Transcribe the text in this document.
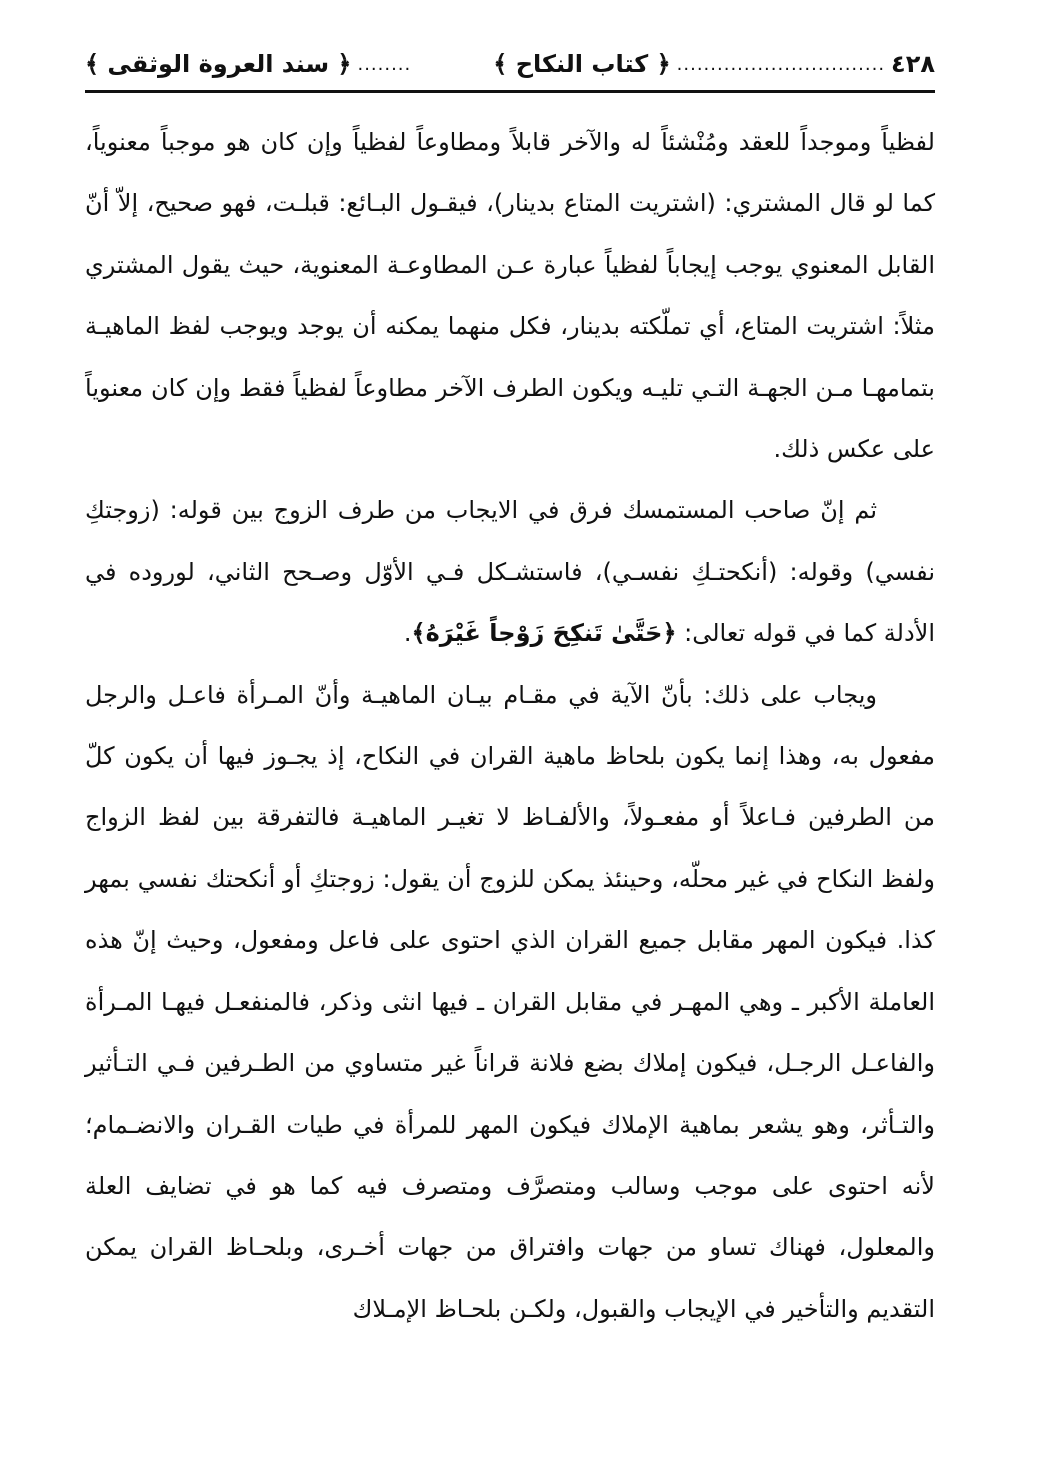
٤٢٨
...............................
﴿ كتاب النكاح ﴾
........
﴿ سند العروة الوثقى ﴾

لفظياً وموجداً للعقد ومُنْشئاً له والآخر قابلاً ومطاوعاً لفظياً وإن كان هو موجباً معنوياً، كما لو قال المشتري: (اشتريت المتاع بدينار)، فيقـول البـائع: قبلـت، فهو صحيح، إلاّ أنّ القابل المعنوي يوجب إيجاباً لفظياً عبارة عـن المطاوعـة المعنوية، حيث يقول المشتري مثلاً: اشتريت المتاع، أي تملّكته بدينار، فكل منهما يمكنه أن يوجد ويوجب لفظ الماهيـة بتمامهـا مـن الجهـة التـي تليـه ويكون الطرف الآخر مطاوعاً لفظياً فقط وإن كان معنوياً على عكس ذلك.

ثم إنّ صاحب المستمسك فرق في الايجاب من طرف الزوج بين قوله: (زوجتكِ نفسي) وقوله: (أنكحتـكِ نفسـي)، فاستشـكل فـي الأوّل وصـحح الثاني، لوروده في الأدلة كما في قوله تعالى: ﴿حَتَّىٰ تَنكِحَ زَوْجاً غَيْرَهُ﴾.

ويجاب على ذلك: بأنّ الآية في مقـام بيـان الماهيـة وأنّ المـرأة فاعـل والرجل مفعول به، وهذا إنما يكون بلحاظ ماهية القران في النكاح، إذ يجـوز فيها أن يكون كلّ من الطرفين فـاعلاً أو مفعـولاً، والألفـاظ لا تغيـر الماهيـة فالتفرقة بين لفظ الزواج ولفظ النكاح في غير محلّه، وحينئذ يمكن للزوج أن يقول: زوجتكِ أو أنكحتك نفسي بمهر كذا. فيكون المهر مقابل جميع القران الذي احتوى على فاعل ومفعول، وحيث إنّ هذه العاملة الأكبر ـ وهي المهـر في مقابل القران ـ فيها انثى وذكر، فالمنفعـل فيهـا المـرأة والفاعـل الرجـل، فيكون إملاك بضع فلانة قراناً غير متساوي من الطـرفين فـي التـأثير والتـأثر، وهو يشعر بماهية الإملاك فيكون المهر للمرأة في طيات القـران والانضـمام؛ لأنه احتوى على موجب وسالب ومتصرَّف ومتصرف فيه كما هو في تضايف العلة والمعلول، فهناك تساو من جهات وافتراق من جهات أخـرى، وبلحـاظ القران يمكن التقديم والتأخير في الإيجاب والقبول، ولكـن بلحـاظ الإمـلاك
